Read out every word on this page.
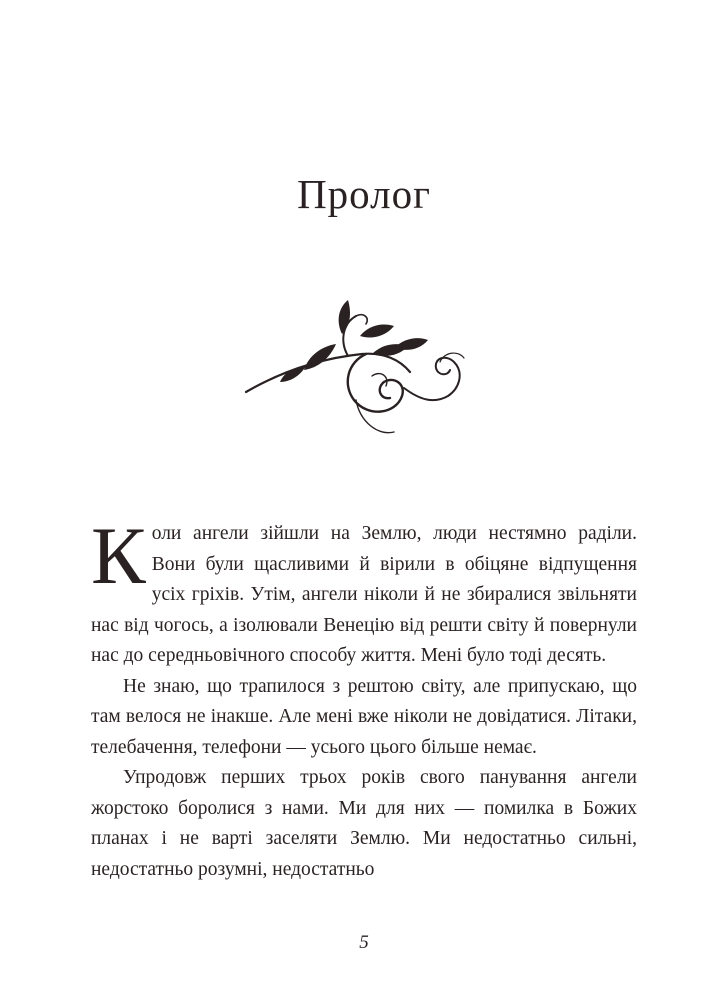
Пролог

Коли ангели зійшли на Землю, люди нестямно раділи. Вони були щасливими й вірили в обіцяне відпущення усіх гріхів. Утім, ангели ніколи й не збиралися звільняти нас від чогось, а ізолювали Венецію від решти світу й повернули нас до середньовічного способу життя. Мені було тоді десять.

Не знаю, що трапилося з рештою світу, але припускаю, що там велося не інакше. Але мені вже ніколи не довідатися. Літаки, телебачення, телефони — усього цього більше немає.

Упродовж перших трьох років свого панування ангели жорстоко боролися з нами. Ми для них — помилка в Божих планах і не варті заселяти Землю. Ми недостатньо сильні, недостатньо розумні, недостатньо

5
